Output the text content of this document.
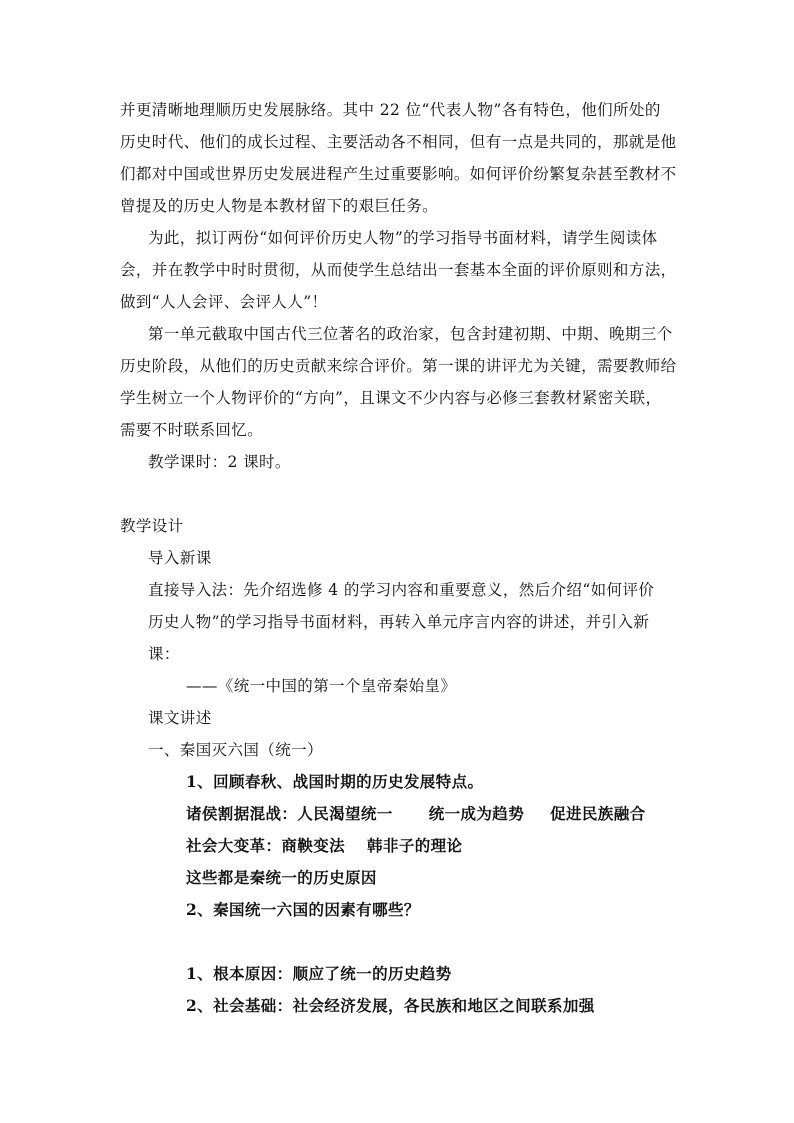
并更清晰地理顺历史发展脉络。其中 22 位“代表人物”各有特色，他们所处的
历史时代、他们的成长过程、主要活动各不相同，但有一点是共同的，那就是他
们都对中国或世界历史发展进程产生过重要影响。如何评价纷繁复杂甚至教材不
曾提及的历史人物是本教材留下的艰巨任务。
为此，拟订两份“如何评价历史人物”的学习指导书面材料，请学生阅读体
会，并在教学中时时贯彻，从而使学生总结出一套基本全面的评价原则和方法，
做到“人人会评、会评人人”！
第一单元截取中国古代三位著名的政治家，包含封建初期、中期、晚期三个
历史阶段，从他们的历史贡献来综合评价。第一课的讲评尤为关键，需要教师给
学生树立一个人物评价的“方向”，且课文不少内容与必修三套教材紧密关联，
需要不时联系回忆。
教学课时：2 课时。
教学设计
导入新课
直接导入法：先介绍选修 4 的学习内容和重要意义，然后介绍“如何评价
历史人物”的学习指导书面材料，再转入单元序言内容的讲述，并引入新
课：
——《统一中国的第一个皇帝秦始皇》
课文讲述
一、秦国灭六国（统一）
1、回顾春秋、战国时期的历史发展特点。
诸侯割据混战：人民渴望统一 统一成为趋势 促进民族融合
社会大变革：商鞅变法 韩非子的理论
这些都是秦统一的历史原因
2、秦国统一六国的因素有哪些？
1、根本原因：顺应了统一的历史趋势
2、社会基础：社会经济发展，各民族和地区之间联系加强
